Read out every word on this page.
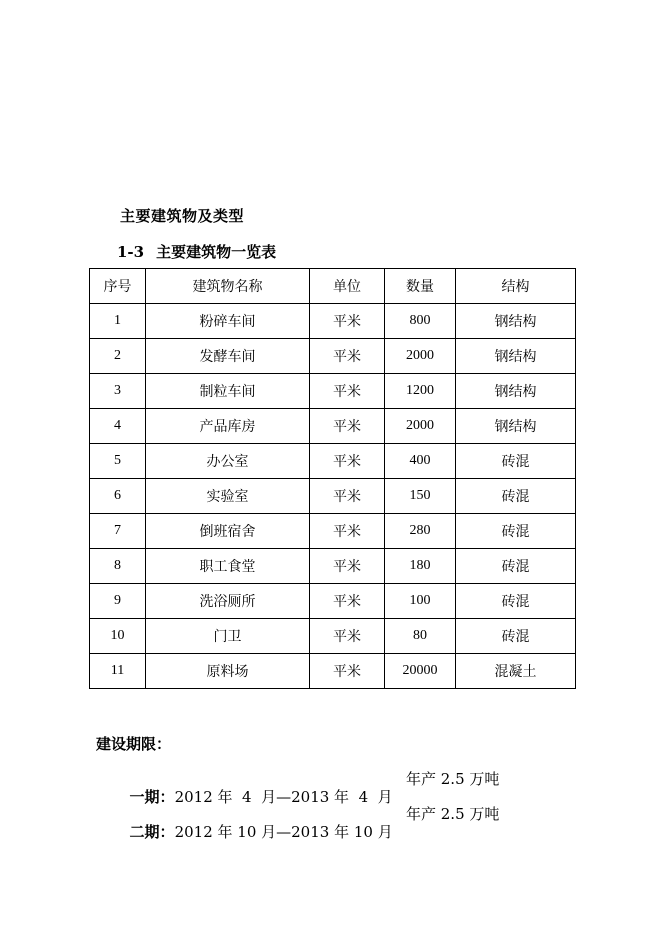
主要建筑物及类型
1-3 主要建筑物一览表
序号	建筑物名称	单位	数量	结构
1	粉碎车间	平米	800	钢结构
2	发酵车间	平米	2000	钢结构
3	制粒车间	平米	1200	钢结构
4	产品库房	平米	2000	钢结构
5	办公室	平米	400	砖混
6	实验室	平米	150	砖混
7	倒班宿舍	平米	280	砖混
8	职工食堂	平米	180	砖混
9	洗浴厕所	平米	100	砖混
10	门卫	平米	80	砖混
11	原料场	平米	20000	混凝土
建设期限：

一期：2012 年  4  月—2013 年  4  月

年产 2.5 万吨

二期：2012 年 10 月—2013 年 10 月

年产 2.5 万吨
